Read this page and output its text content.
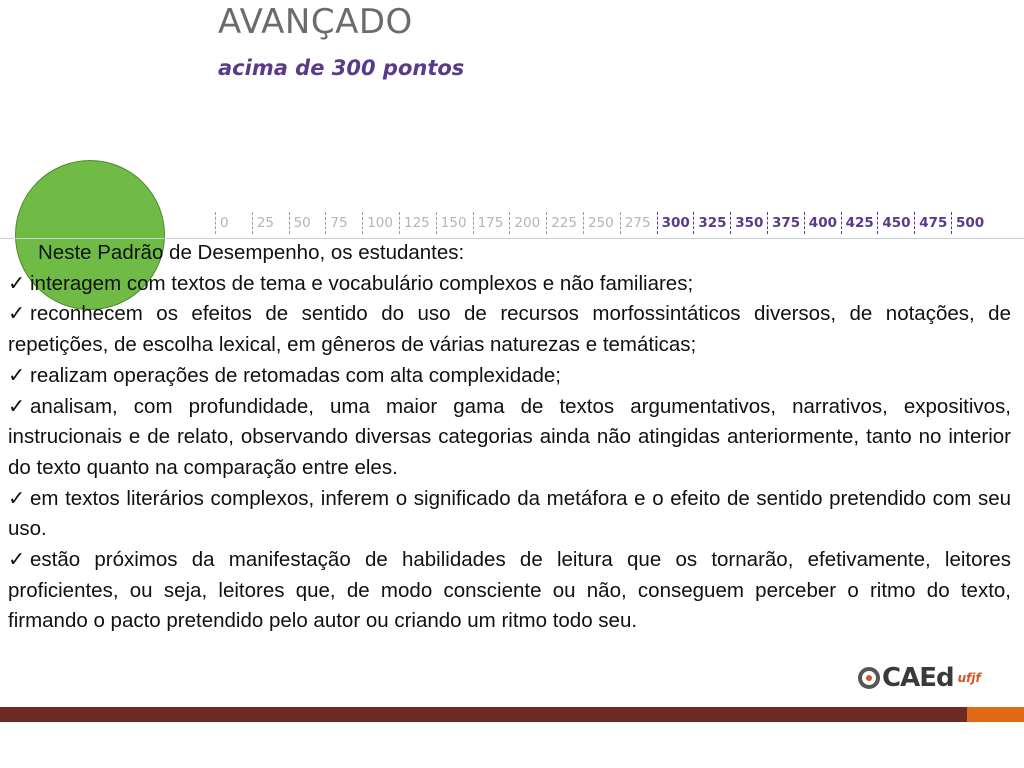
AVANÇADO
acima de 300 pontos
0	25	50	75	100 125 150 175 200 225 250 275 300 325 350 375 400 425 450 475 500

Neste Padrão de Desempenho, os estudantes:

✓ interagem com textos de tema e vocabulário complexos e não familiares;

✓ reconhecem os efeitos de sentido do uso de recursos morfossintáticos diversos, de notações, de repetições, de escolha lexical, em gêneros de várias naturezas e temáticas;

✓ realizam operações de retomadas com alta complexidade;

✓ analisam, com profundidade, uma maior gama de textos argumentativos, narrativos, expositivos, instrucionais e de relato, observando diversas categorias ainda não atingidas anteriormente, tanto no interior do texto quanto na comparação entre eles.

✓ em textos literários complexos, inferem o significado da metáfora e o efeito de sentido pretendido com seu uso.

✓ estão próximos da manifestação de habilidades de leitura que os tornarão, efetivamente, leitores proficientes, ou seja, leitores que, de modo consciente ou não, conseguem perceber o ritmo do texto, firmando o pacto pretendido pelo autor ou criando um ritmo todo seu.

CAEd ufjf
